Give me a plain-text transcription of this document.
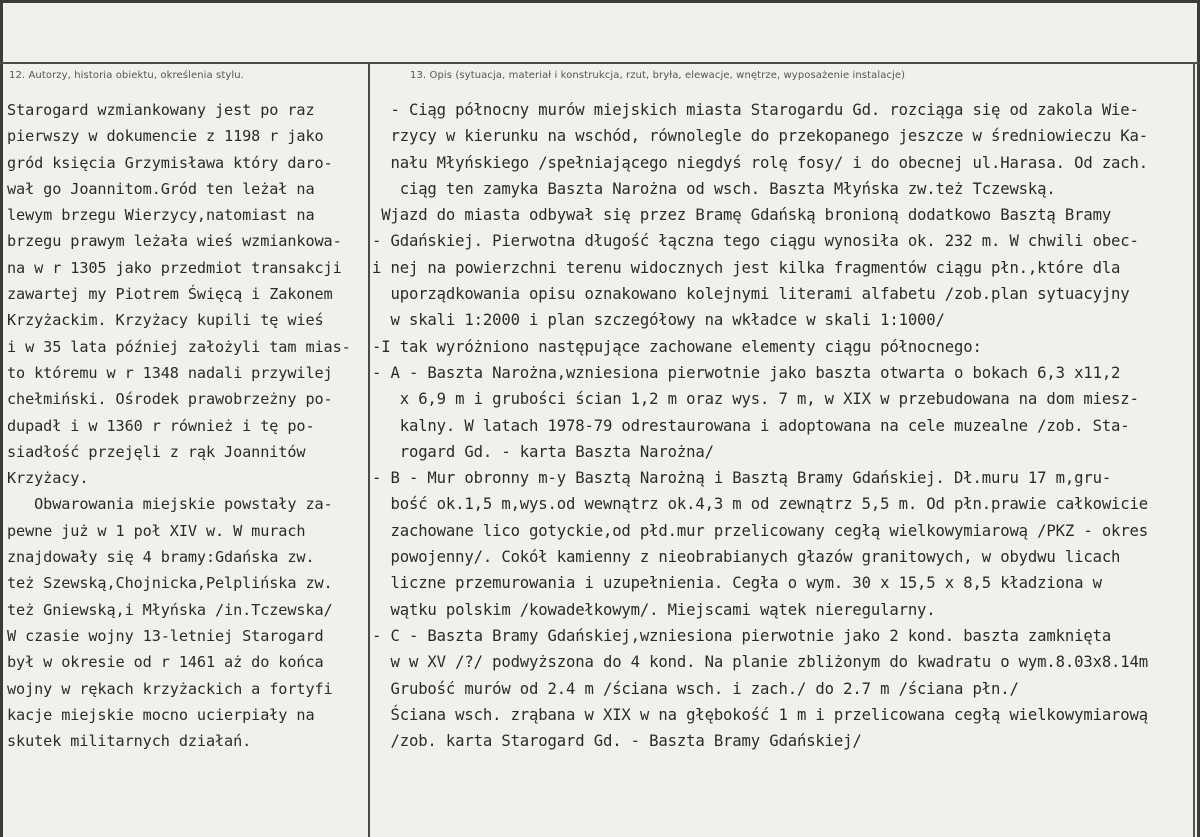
12. Autorzy, historia obiektu, określenia stylu.	13. Opis (sytuacja, materiał i konstrukcja, rzut, bryła, elewacje, wnętrze, wyposażenie instalacje)
Starogard wzmiankowany jest po raz
pierwszy w dokumencie z 1198 r jako
gród księcia Grzymisława który daro-
wał go Joannitom.Gród ten leżał na
lewym brzegu Wierzycy,natomiast na
brzegu prawym leżała wieś wzmiankowa-
na w r 1305 jako przedmiot transakcji
zawartej my Piotrem Święcą i Zakonem
Krzyżackim. Krzyżacy kupili tę wieś
i w 35 lata później założyli tam mias-
to któremu w r 1348 nadali przywilej
chełmiński. Ośrodek prawobrzeżny po-
dupadł i w 1360 r również i tę po-
siadłość przejęli z rąk Joannitów
Krzyżacy.
Obwarowania miejskie powstały za-
pewne już w 1 poł XIV w. W murach
znajdowały się 4 bramy:Gdańska zw.
też Szewską,Chojnicka,Pelplińska zw.
też Gniewską,i Młyńska /in.Tczewska/
W czasie wojny 13-letniej Starogard
był w okresie od r 1461 aż do końca
wojny w rękach krzyżackich a fortyfi
kacje miejskie mocno ucierpiały na
skutek militarnych działań.
- Ciąg północny murów miejskich miasta Starogardu Gd. rozciąga się od zakola Wie-
rzycy w kierunku na wschód, równolegle do przekopanego jeszcze w średniowieczu Ka-
nału Młyńskiego /spełniającego niegdyś rolę fosy/ i do obecnej ul.Harasa. Od zach.
ciąg ten zamyka Baszta Narożna od wsch. Baszta Młyńska zw.też Tczewską.
Wjazd do miasta odbywał się przez Bramę Gdańską bronioną dodatkowo Basztą Bramy
- Gdańskiej. Pierwotna długość łączna tego ciągu wynosiła ok. 232 m. W chwili obec-
i nej na powierzchni terenu widocznych jest kilka fragmentów ciągu płn.,które dla
uporządkowania opisu oznakowano kolejnymi literami alfabetu /zob.plan sytuacyjny
w skali 1:2000 i plan szczegółowy na wkładce w skali 1:1000/
-I tak wyróżniono następujące zachowane elementy ciągu północnego:
- A - Baszta Narożna,wzniesiona pierwotnie jako baszta otwarta o bokach 6,3 x11,2
x 6,9 m i grubości ścian 1,2 m oraz wys. 7 m, w XIX w przebudowana na dom miesz-
kalny. W latach 1978-79 odrestaurowana i adoptowana na cele muzealne /zob. Sta-
rogard Gd. - karta Baszta Narożna/
- B - Mur obronny m-y Basztą Narożną i Basztą Bramy Gdańskiej. Dł.muru 17 m,gru-
bość ok.1,5 m,wys.od wewnątrz ok.4,3 m od zewnątrz 5,5 m. Od płn.prawie całkowicie
zachowane lico gotyckie,od płd.mur przelicowany cegłą wielkowymiarową /PKZ - okres
powojenny/. Cokół kamienny z nieobrabianych głazów granitowych, w obydwu licach
liczne przemurowania i uzupełnienia. Cegła o wym. 30 x 15,5 x 8,5 kładziona w
wątku polskim /kowadełkowym/. Miejscami wątek nieregularny.
- C - Baszta Bramy Gdańskiej,wzniesiona pierwotnie jako 2 kond. baszta zamknięta
w w XV /?/ podwyższona do 4 kond. Na planie zbliżonym do kwadratu o wym.8.03x8.14m
Grubość murów od 2.4 m /ściana wsch. i zach./ do 2.7 m /ściana płn./
Ściana wsch. zrąbana w XIX w na głębokość 1 m i przelicowana cegłą wielkowymiarową
/zob. karta Starogard Gd. - Baszta Bramy Gdańskiej/
